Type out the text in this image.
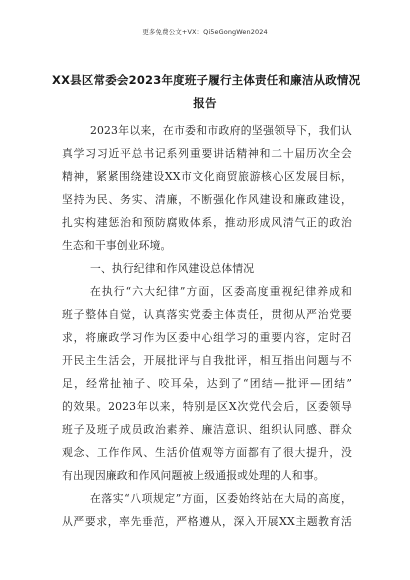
更多免费公文+VX：Qi5eGongWen2024
XX县区常委会2023年度班子履行主体责任和廉洁从政情况
报告
2023年以来，在市委和市政府的坚强领导下，我们认
真学习习近平总书记系列重要讲话精神和二十届历次全会
精神，紧紧围绕建设XX市文化商贸旅游核心区发展目标，
坚持为民、务实、清廉，不断强化作风建设和廉政建设，
扎实构建惩治和预防腐败体系，推动形成风清气正的政治
生态和干事创业环境。
一、执行纪律和作风建设总体情况
在执行“六大纪律”方面，区委高度重视纪律养成和
班子整体自觉，认真落实党委主体责任，贯彻从严治党要
求，将廉政学习作为区委中心组学习的重要内容，定时召
开民主生活会，开展批评与自我批评，相互指出问题与不
足，经常扯袖子、咬耳朵，达到了“团结—批评—团结”
的效果。2023年以来，特别是区X次党代会后，区委领导
班子及班子成员政治素养、廉洁意识、组织认同感、群众
观念、工作作风、生活价值观等方面都有了很大提升，没
有出现因廉政和作风问题被上级通报或处理的人和事。
在落实“八项规定”方面，区委始终站在大局的高度，
从严要求，率先垂范，严格遵从，深入开展XX主题教育活
